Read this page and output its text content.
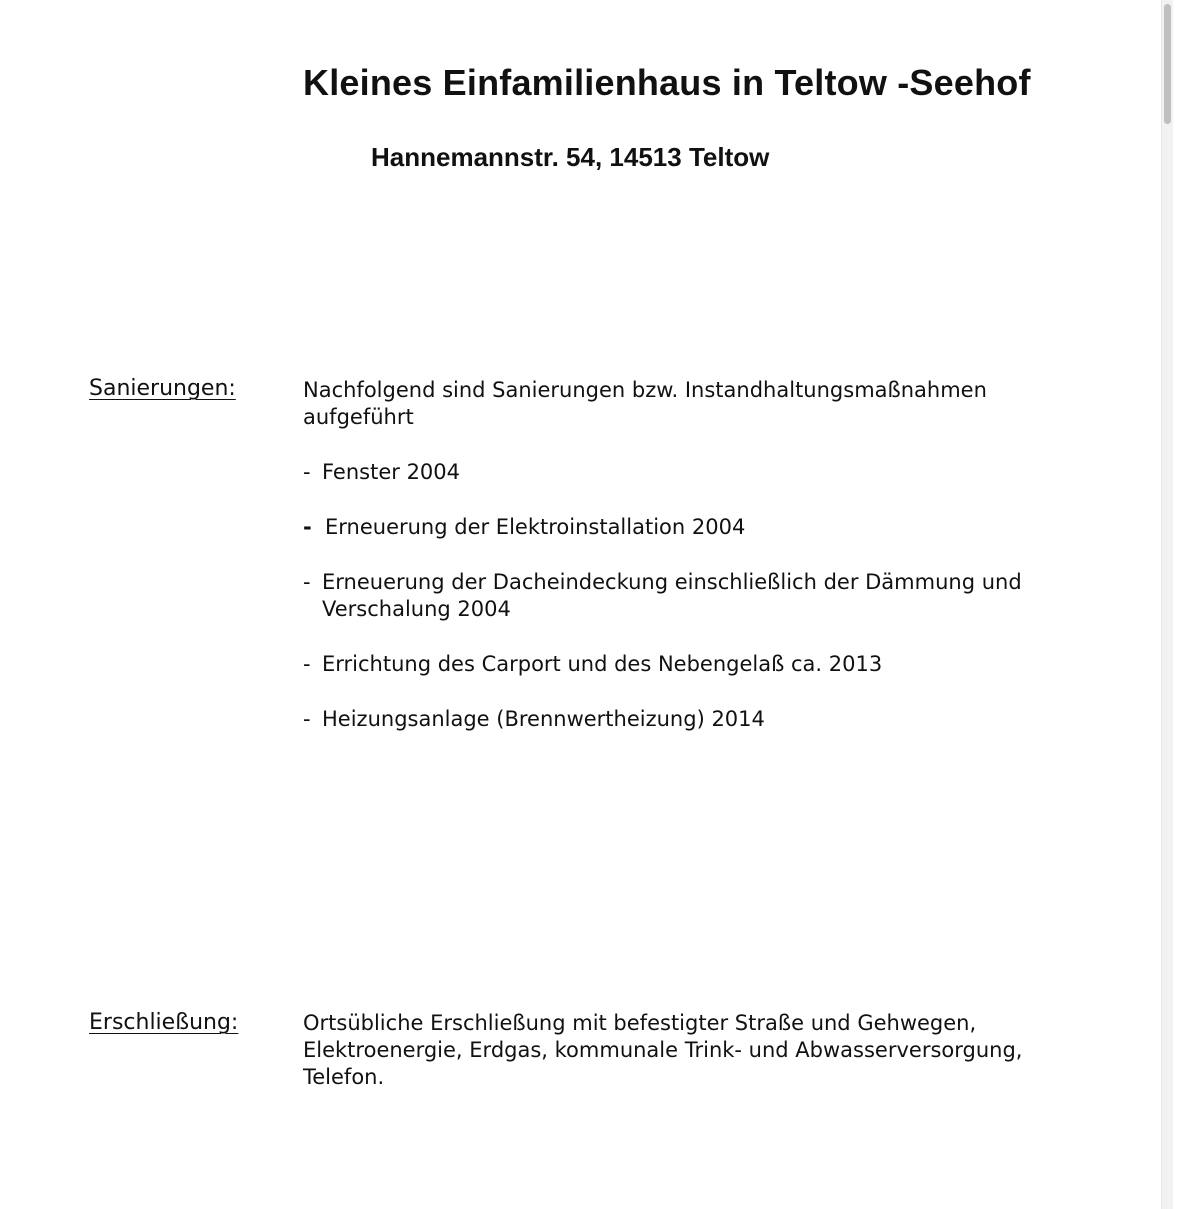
Kleines Einfamilienhaus in Teltow -Seehof
Hannemannstr. 54, 14513 Teltow
Sanierungen:	Nachfolgend sind Sanierungen bzw. Instandhaltungsmaßnahmen aufgeführt

- Fenster 2004
- Erneuerung der Elektroinstallation 2004
- Erneuerung der Dacheindeckung einschließlich der Dämmung und Verschalung 2004
- Errichtung des Carport und des Nebengelaß ca. 2013
- Heizungsanlage (Brennwertheizung) 2014
Erschließung:	Ortsübliche Erschließung mit befestigter Straße und Gehwegen, Elektroenergie, Erdgas, kommunale Trink- und Abwasserversorgung, Telefon.
